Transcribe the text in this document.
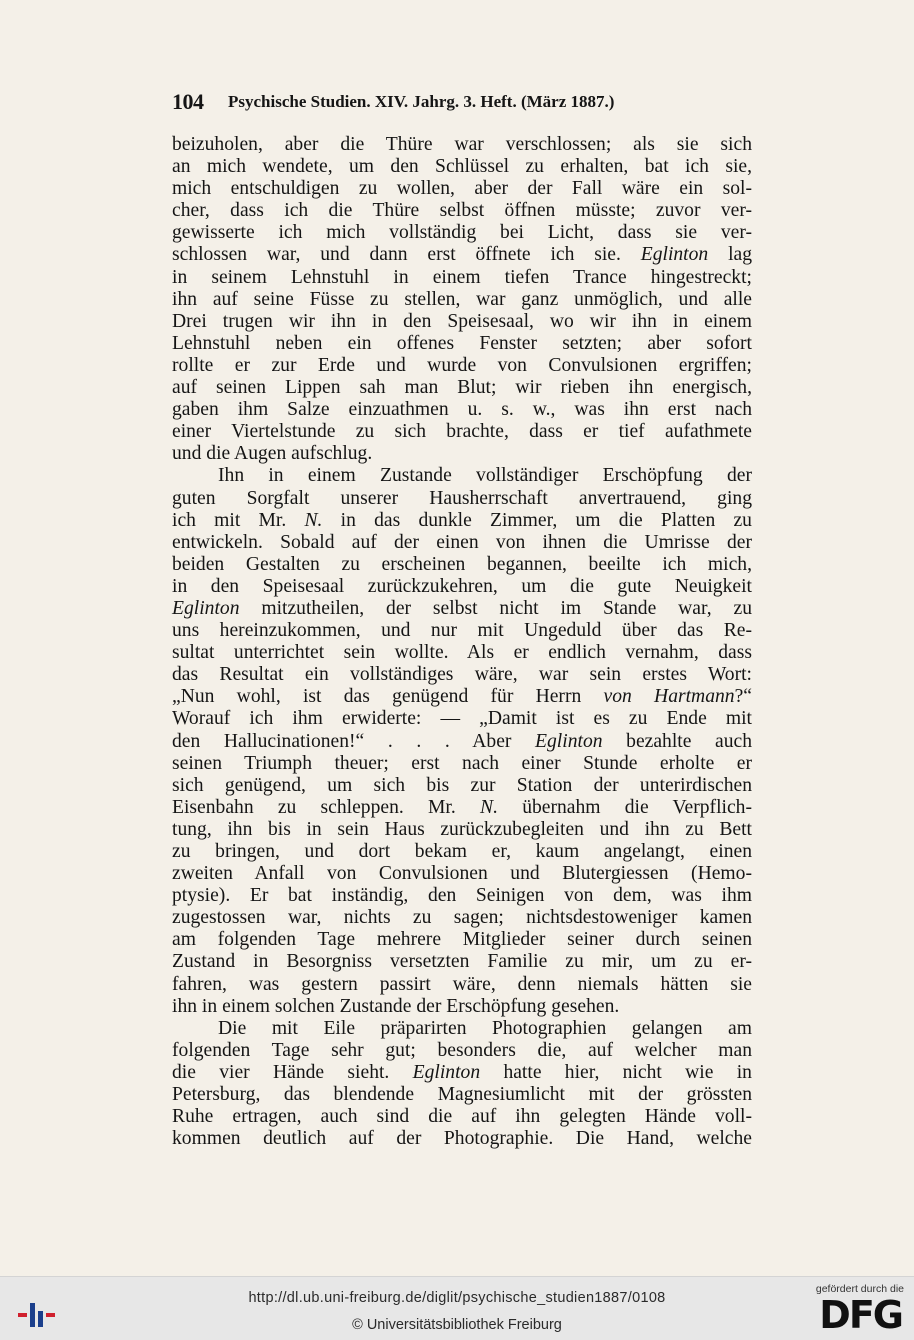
104 Psychische Studien. XIV. Jahrg. 3. Heft. (März 1887.)
beizuholen, aber die Thüre war verschlossen; als sie sich
an mich wendete, um den Schlüssel zu erhalten, bat ich sie,
mich entschuldigen zu wollen, aber der Fall wäre ein sol-
cher, dass ich die Thüre selbst öffnen müsste; zuvor ver-
gewisserte ich mich vollständig bei Licht, dass sie ver-
schlossen war, und dann erst öffnete ich sie. Eglinton lag
in seinem Lehnstuhl in einem tiefen Trance hingestreckt;
ihn auf seine Füsse zu stellen, war ganz unmöglich, und alle
Drei trugen wir ihn in den Speisesaal, wo wir ihn in einem
Lehnstuhl neben ein offenes Fenster setzten; aber sofort
rollte er zur Erde und wurde von Convulsionen ergriffen;
auf seinen Lippen sah man Blut; wir rieben ihn energisch,
gaben ihm Salze einzuathmen u. s. w., was ihn erst nach
einer Viertelstunde zu sich brachte, dass er tief aufathmete
und die Augen aufschlug.
Ihn in einem Zustande vollständiger Erschöpfung der
guten Sorgfalt unserer Hausherrschaft anvertrauend, ging
ich mit Mr. N. in das dunkle Zimmer, um die Platten zu
entwickeln. Sobald auf der einen von ihnen die Umrisse der
beiden Gestalten zu erscheinen begannen, beeilte ich mich,
in den Speisesaal zurückzukehren, um die gute Neuigkeit
Eglinton mitzutheilen, der selbst nicht im Stande war, zu
uns hereinzukommen, und nur mit Ungeduld über das Re-
sultat unterrichtet sein wollte. Als er endlich vernahm, dass
das Resultat ein vollständiges wäre, war sein erstes Wort:
„Nun wohl, ist das genügend für Herrn von Hartmann?“
Worauf ich ihm erwiderte: — „Damit ist es zu Ende mit
den Hallucinationen!“ . . . Aber Eglinton bezahlte auch
seinen Triumph theuer; erst nach einer Stunde erholte er
sich genügend, um sich bis zur Station der unterirdischen
Eisenbahn zu schleppen. Mr. N. übernahm die Verpflich-
tung, ihn bis in sein Haus zurückzubegleiten und ihn zu Bett
zu bringen, und dort bekam er, kaum angelangt, einen
zweiten Anfall von Convulsionen und Blutergiessen (Hemo-
ptysie). Er bat inständig, den Seinigen von dem, was ihm
zugestossen war, nichts zu sagen; nichtsdestoweniger kamen
am folgenden Tage mehrere Mitglieder seiner durch seinen
Zustand in Besorgniss versetzten Familie zu mir, um zu er-
fahren, was gestern passirt wäre, denn niemals hätten sie
ihn in einem solchen Zustande der Erschöpfung gesehen.
Die mit Eile präparirten Photographien gelangen am
folgenden Tage sehr gut; besonders die, auf welcher man
die vier Hände sieht. Eglinton hatte hier, nicht wie in
Petersburg, das blendende Magnesiumlicht mit der grössten
Ruhe ertragen, auch sind die auf ihn gelegten Hände voll-
kommen deutlich auf der Photographie. Die Hand, welche
http://dl.ub.uni-freiburg.de/diglit/psychische_studien1887/0108
© Universitätsbibliothek Freiburg
gefördert durch die
DFG
